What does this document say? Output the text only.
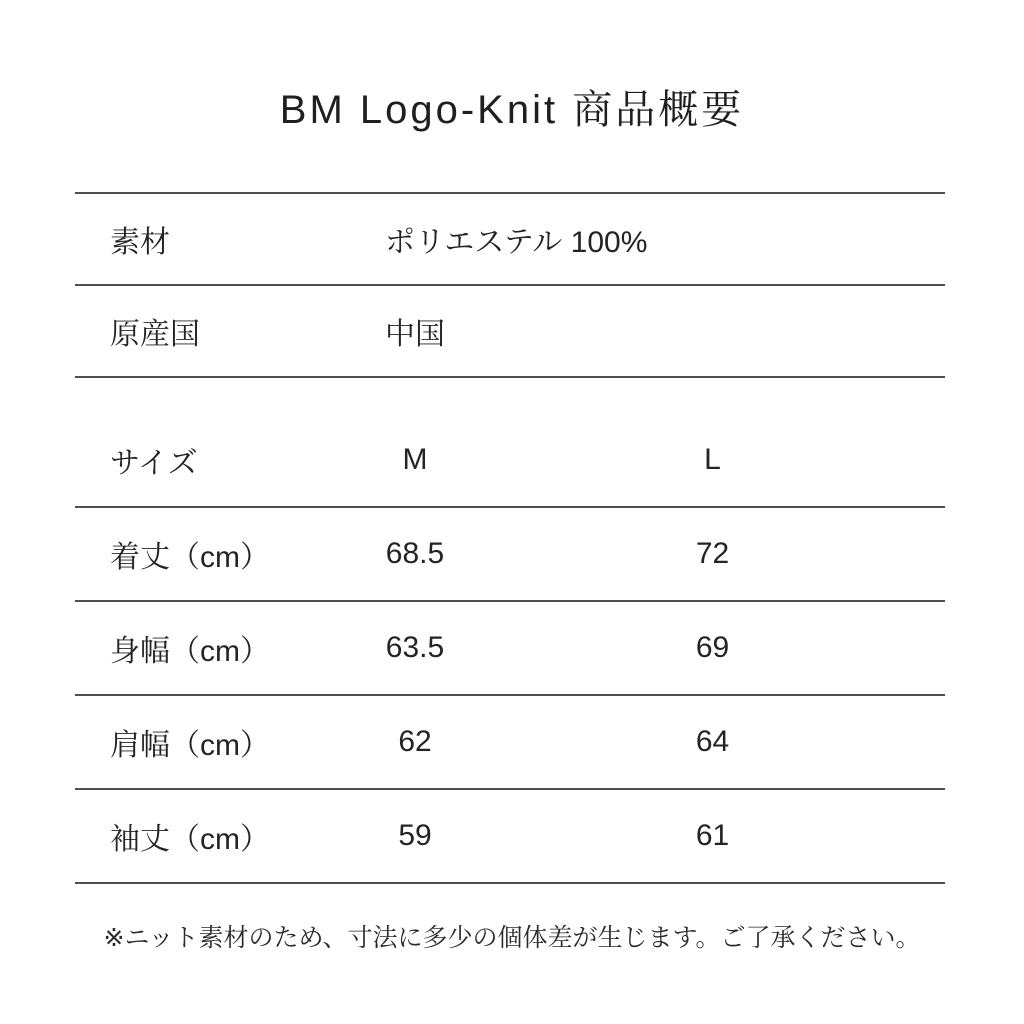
BM Logo-Knit 商品概要
素材	ポリエステル 100%
原産国	中国
サイズ	M	L
着丈（cm）	68.5	72
身幅（cm）	63.5	69
肩幅（cm）	62	64
袖丈（cm）	59	61

※ニット素材のため、寸法に多少の個体差が生じます。ご了承ください。
